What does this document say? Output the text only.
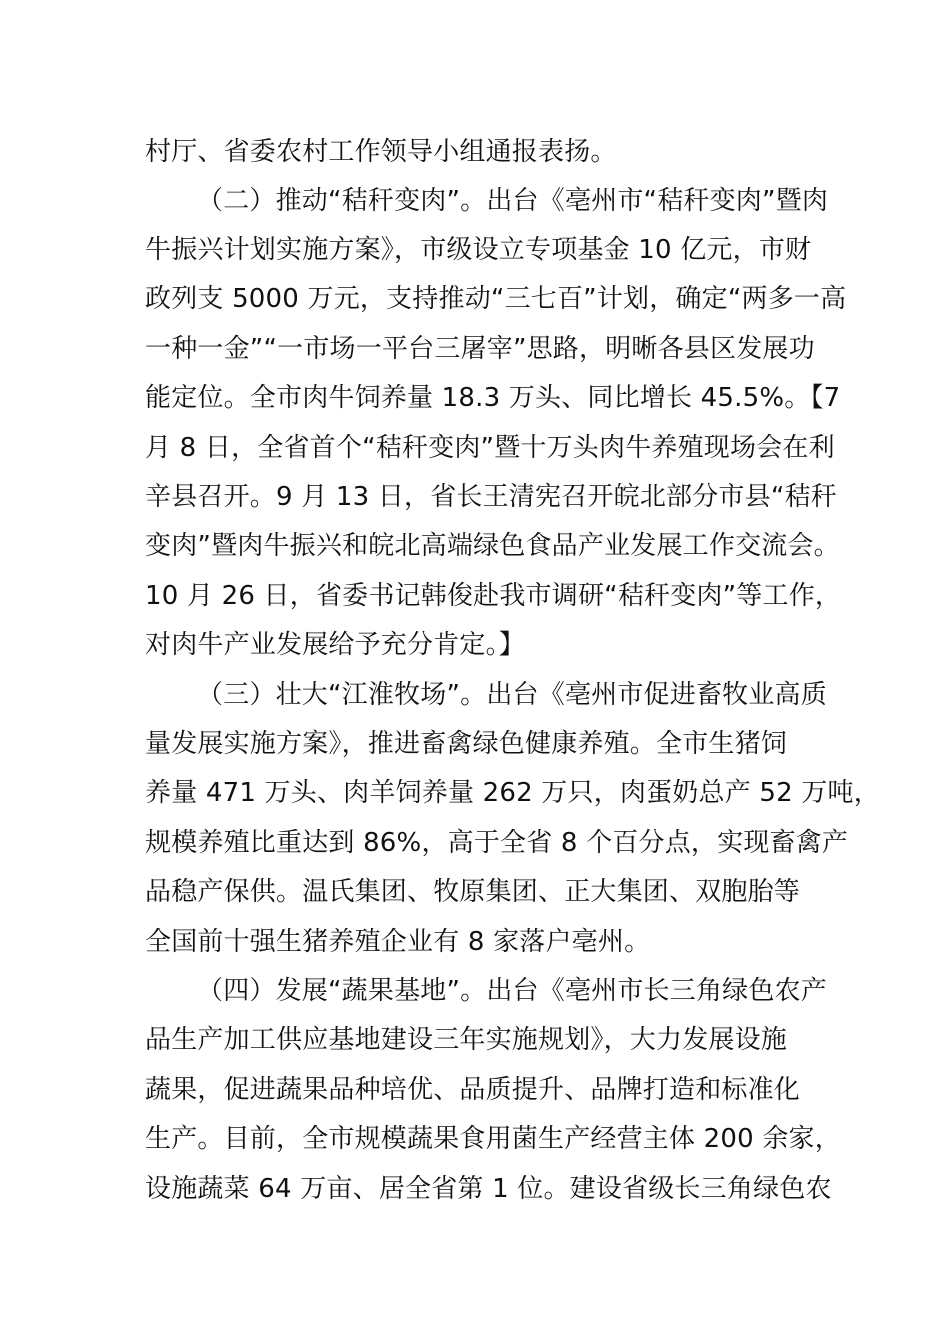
村厅、省委农村工作领导小组通报表扬。
（二）推动“秸秆变肉”。出台《亳州市“秸秆变肉”暨肉
牛振兴计划实施方案》，市级设立专项基金 10 亿元，市财
政列支 5000 万元，支持推动“三七百”计划，确定“两多一高
一种一金”“一市场一平台三屠宰”思路，明晰各县区发展功
能定位。全市肉牛饲养量 18.3 万头、同比增长 45.5%。【7
月 8 日，全省首个“秸秆变肉”暨十万头肉牛养殖现场会在利
辛县召开。9 月 13 日，省长王清宪召开皖北部分市县“秸秆
变肉”暨肉牛振兴和皖北高端绿色食品产业发展工作交流会。
10 月 26 日，省委书记韩俊赴我市调研“秸秆变肉”等工作，
对肉牛产业发展给予充分肯定。】
（三）壮大“江淮牧场”。出台《亳州市促进畜牧业高质
量发展实施方案》，推进畜禽绿色健康养殖。全市生猪饲
养量 471 万头、肉羊饲养量 262 万只，肉蛋奶总产 52 万吨，
规模养殖比重达到 86%，高于全省 8 个百分点，实现畜禽产
品稳产保供。温氏集团、牧原集团、正大集团、双胞胎等
全国前十强生猪养殖企业有 8 家落户亳州。
（四）发展“蔬果基地”。出台《亳州市长三角绿色农产
品生产加工供应基地建设三年实施规划》，大力发展设施
蔬果，促进蔬果品种培优、品质提升、品牌打造和标准化
生产。目前，全市规模蔬果食用菌生产经营主体 200 余家，
设施蔬菜 64 万亩、居全省第 1 位。建设省级长三角绿色农
